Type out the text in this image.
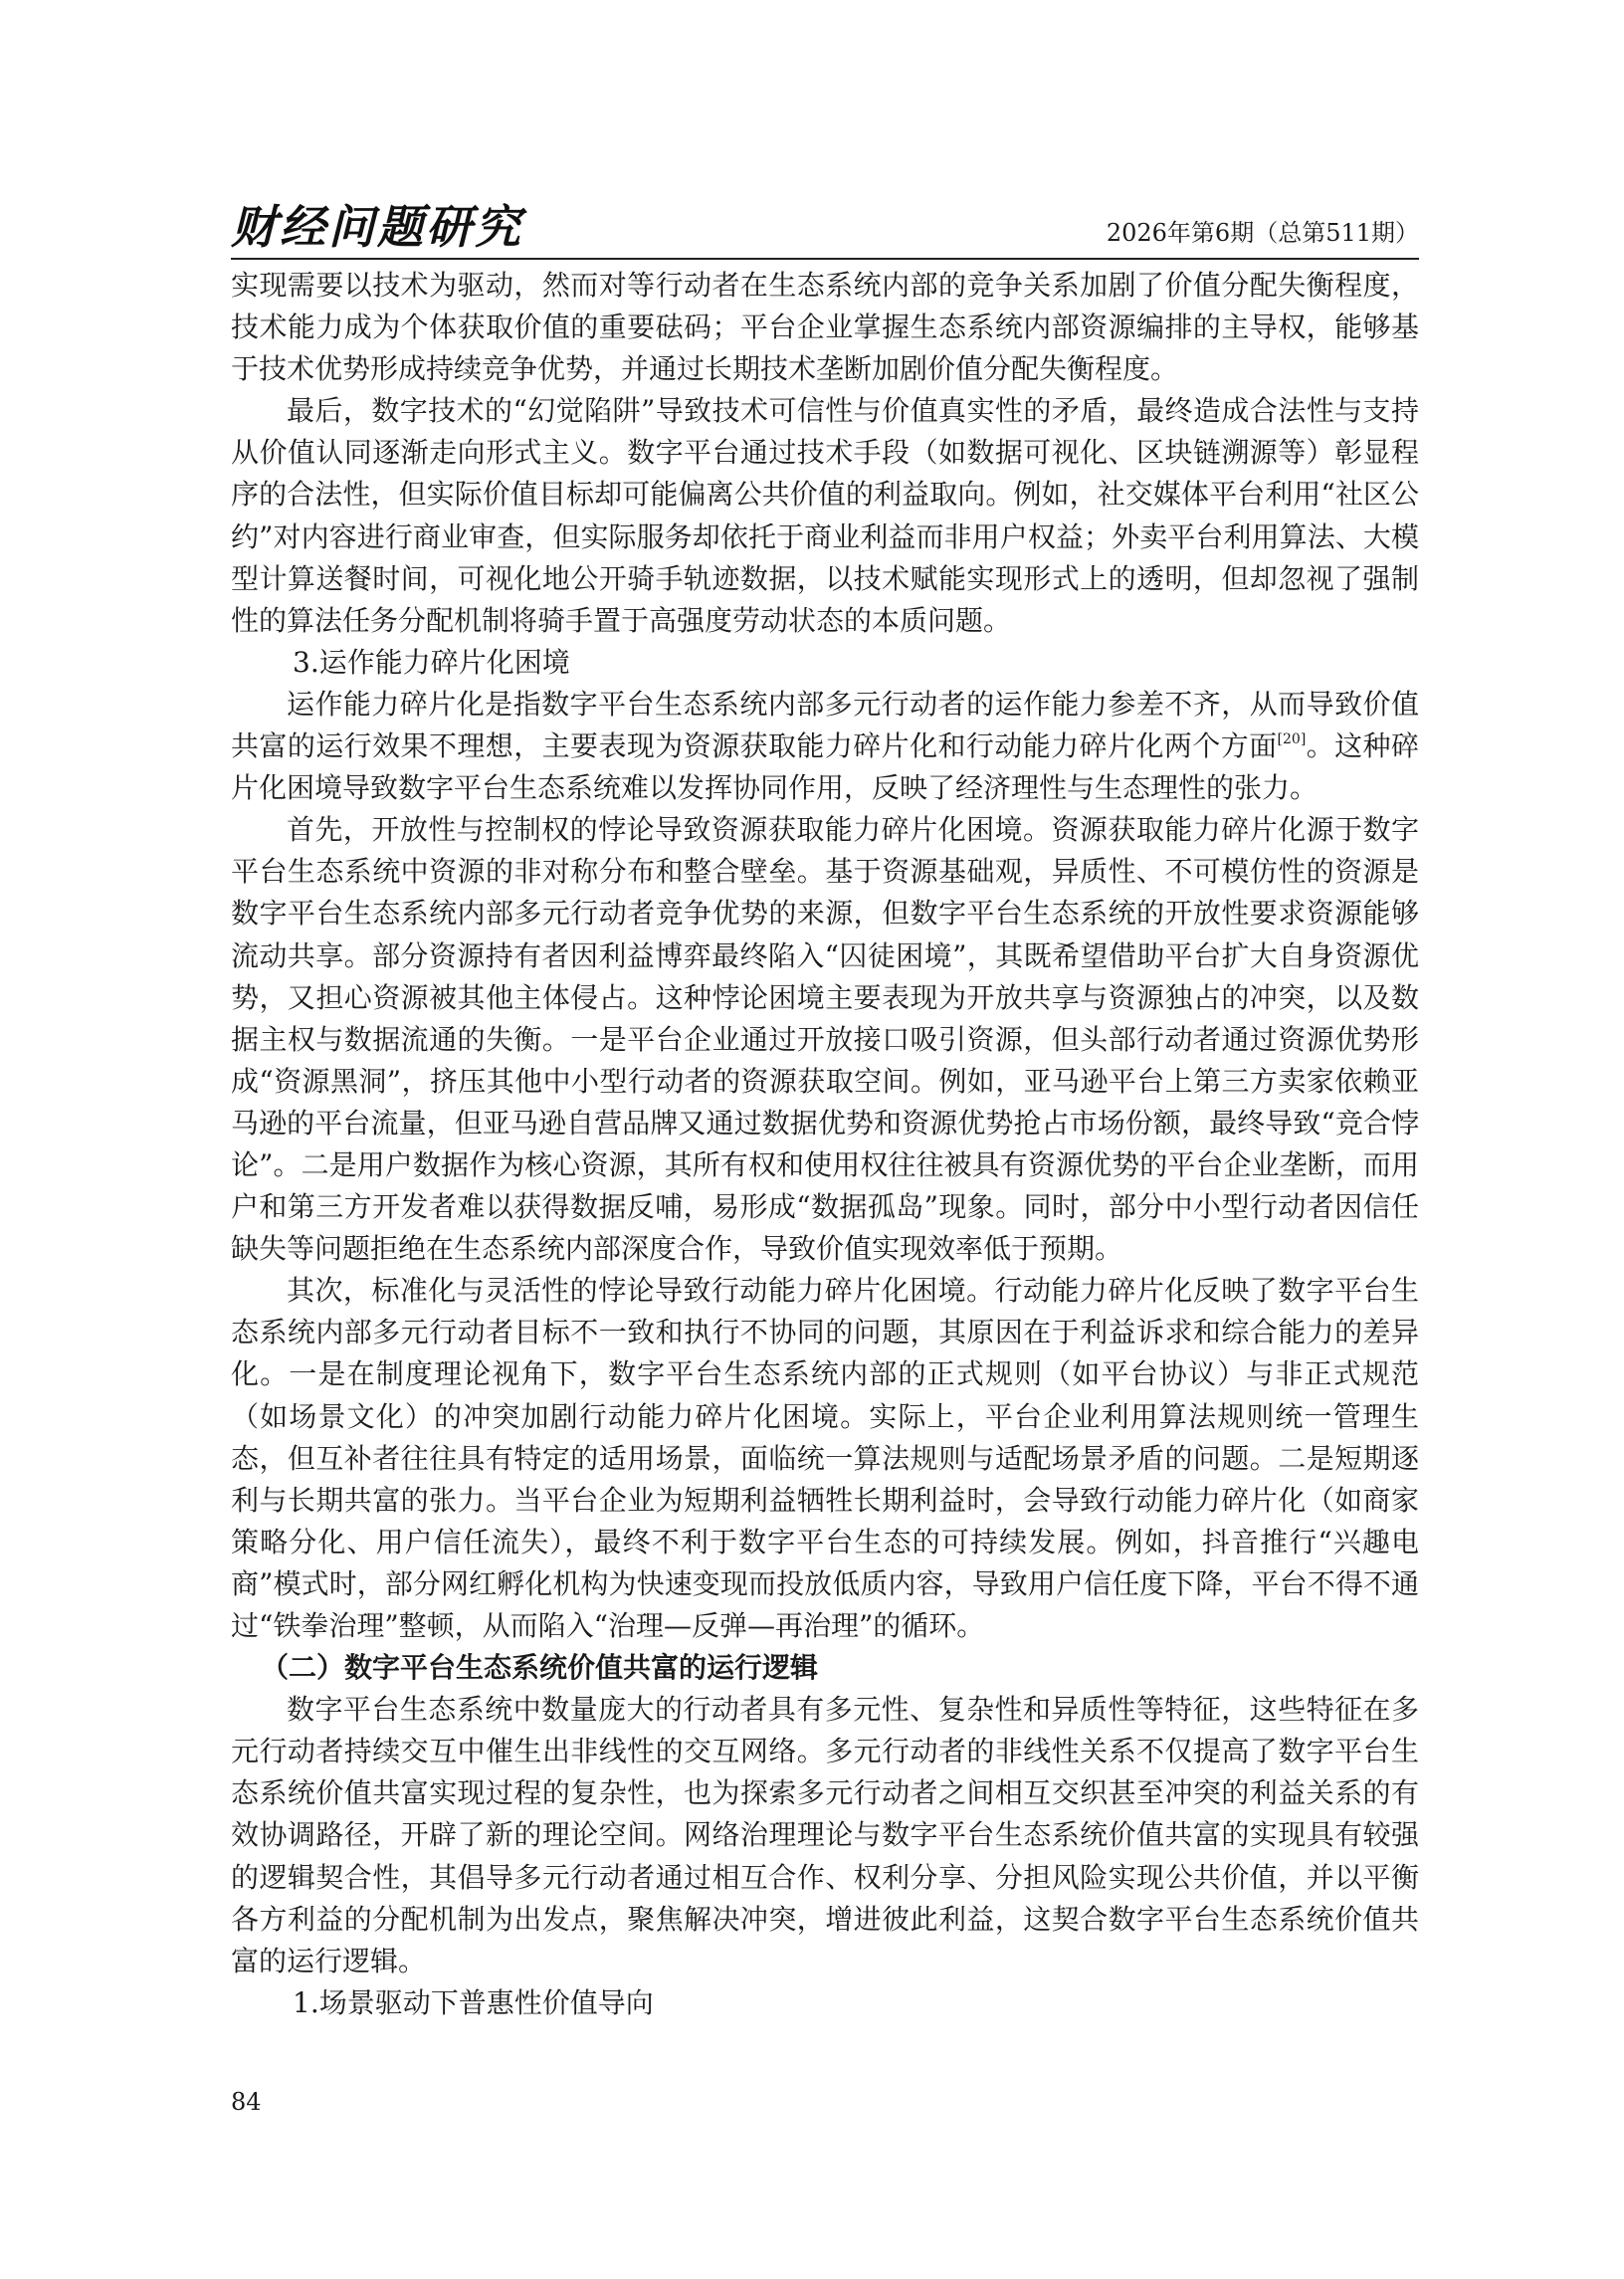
财经问题研究	2026年第6期（总第511期）

实现需要以技术为驱动，然而对等行动者在生态系统内部的竞争关系加剧了价值分配失衡程度，技术能力成为个体获取价值的重要砝码；平台企业掌握生态系统内部资源编排的主导权，能够基于技术优势形成持续竞争优势，并通过长期技术垄断加剧价值分配失衡程度。

最后，数字技术的“幻觉陷阱”导致技术可信性与价值真实性的矛盾，最终造成合法性与支持从价值认同逐渐走向形式主义。数字平台通过技术手段（如数据可视化、区块链溯源等）彰显程序的合法性，但实际价值目标却可能偏离公共价值的利益取向。例如，社交媒体平台利用“社区公约”对内容进行商业审查，但实际服务却依托于商业利益而非用户权益；外卖平台利用算法、大模型计算送餐时间，可视化地公开骑手轨迹数据，以技术赋能实现形式上的透明，但却忽视了强制性的算法任务分配机制将骑手置于高强度劳动状态的本质问题。

3.运作能力碎片化困境

运作能力碎片化是指数字平台生态系统内部多元行动者的运作能力参差不齐，从而导致价值共富的运行效果不理想，主要表现为资源获取能力碎片化和行动能力碎片化两个方面[20]。这种碎片化困境导致数字平台生态系统难以发挥协同作用，反映了经济理性与生态理性的张力。

首先，开放性与控制权的悖论导致资源获取能力碎片化困境。资源获取能力碎片化源于数字平台生态系统中资源的非对称分布和整合壁垒。基于资源基础观，异质性、不可模仿性的资源是数字平台生态系统内部多元行动者竞争优势的来源，但数字平台生态系统的开放性要求资源能够流动共享。部分资源持有者因利益博弈最终陷入“囚徒困境”，其既希望借助平台扩大自身资源优势，又担心资源被其他主体侵占。这种悖论困境主要表现为开放共享与资源独占的冲突，以及数据主权与数据流通的失衡。一是平台企业通过开放接口吸引资源，但头部行动者通过资源优势形成“资源黑洞”，挤压其他中小型行动者的资源获取空间。例如，亚马逊平台上第三方卖家依赖亚马逊的平台流量，但亚马逊自营品牌又通过数据优势和资源优势抢占市场份额，最终导致“竞合悖论”。二是用户数据作为核心资源，其所有权和使用权往往被具有资源优势的平台企业垄断，而用户和第三方开发者难以获得数据反哺，易形成“数据孤岛”现象。同时，部分中小型行动者因信任缺失等问题拒绝在生态系统内部深度合作，导致价值实现效率低于预期。

其次，标准化与灵活性的悖论导致行动能力碎片化困境。行动能力碎片化反映了数字平台生态系统内部多元行动者目标不一致和执行不协同的问题，其原因在于利益诉求和综合能力的差异化。一是在制度理论视角下，数字平台生态系统内部的正式规则（如平台协议）与非正式规范（如场景文化）的冲突加剧行动能力碎片化困境。实际上，平台企业利用算法规则统一管理生态，但互补者往往具有特定的适用场景，面临统一算法规则与适配场景矛盾的问题。二是短期逐利与长期共富的张力。当平台企业为短期利益牺牲长期利益时，会导致行动能力碎片化（如商家策略分化、用户信任流失），最终不利于数字平台生态的可持续发展。例如，抖音推行“兴趣电商”模式时，部分网红孵化机构为快速变现而投放低质内容，导致用户信任度下降，平台不得不通过“铁拳治理”整顿，从而陷入“治理—反弹—再治理”的循环。

（二）数字平台生态系统价值共富的运行逻辑

数字平台生态系统中数量庞大的行动者具有多元性、复杂性和异质性等特征，这些特征在多元行动者持续交互中催生出非线性的交互网络。多元行动者的非线性关系不仅提高了数字平台生态系统价值共富实现过程的复杂性，也为探索多元行动者之间相互交织甚至冲突的利益关系的有效协调路径，开辟了新的理论空间。网络治理理论与数字平台生态系统价值共富的实现具有较强的逻辑契合性，其倡导多元行动者通过相互合作、权利分享、分担风险实现公共价值，并以平衡各方利益的分配机制为出发点，聚焦解决冲突，增进彼此利益，这契合数字平台生态系统价值共富的运行逻辑。

1.场景驱动下普惠性价值导向

84
